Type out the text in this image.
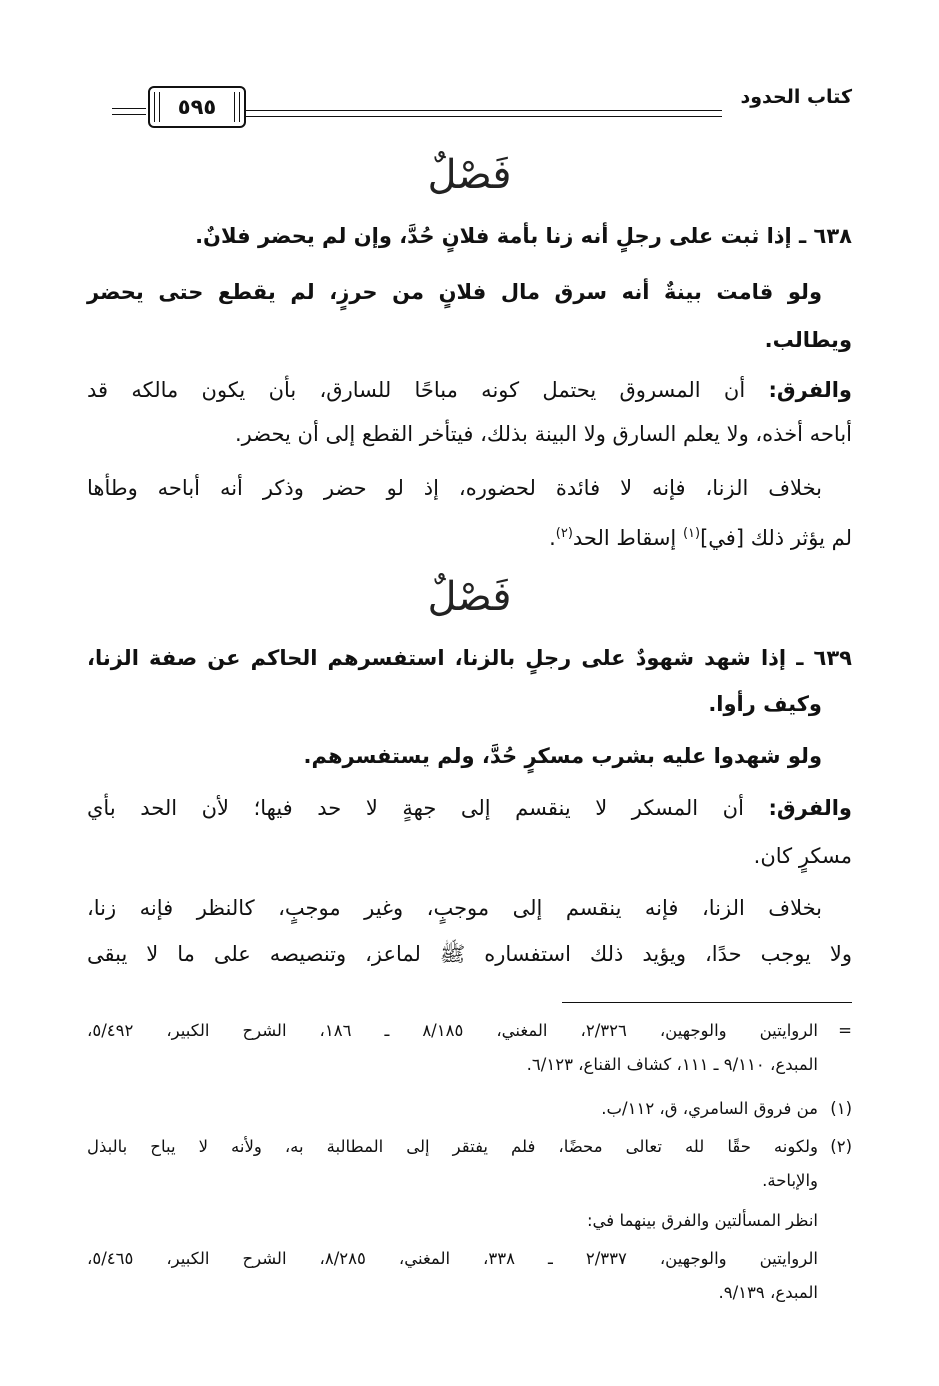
كتاب الحدود
٥٩٥
فَصْلٌ
٦٣٨ ـ إذا ثبت على رجلٍ أنه زنا بأمة فلانٍ حُدَّ، وإن لم يحضر فلانٌ.
ولو قامت بينةٌ أنه سرق مال فلانٍ من حرزٍ، لم يقطع حتى يحضر
ويطالب.
والفرق: أن المسروق يحتمل كونه مباحًا للسارق، بأن يكون مالكه قد
أباحه أخذه، ولا يعلم السارق ولا البينة بذلك، فيتأخر القطع إلى أن يحضر.
بخلاف الزنا، فإنه لا فائدة لحضوره، إذ لو حضر وذكر أنه أباحه وطأها
لم يؤثر ذلك [في]$^{(١)}$ إسقاط الحد$^{(٢)}$.
فَصْلٌ
٦٣٩ ـ إذا شهد شهودٌ على رجلٍ بالزنا، استفسرهم الحاكم عن صفة الزنا،
وكيف رأوا.
ولو شهدوا عليه بشرب مسكرٍ حُدَّ، ولم يستفسرهم.
والفرق: أن المسكر لا ينقسم إلى جهةٍ لا حد فيها؛ لأن الحد بأي
مسكرٍ كان.
بخلاف الزنا، فإنه ينقسم إلى موجبٍ، وغير موجبٍ، كالنظر فإنه زنا،
ولا يوجب حدًا، ويؤيد ذلك استفساره ﷺ لماعز، وتنصيصه على ما لا يبقى
=الروايتين والوجهين، ٢/٣٢٦، المغني، ٨/١٨٥ ـ ١٨٦، الشرح الكبير، ٥/٤٩٢،
المبدع، ٩/١١٠ ـ ١١١، كشاف القناع، ٦/١٢٣.
(١)من فروق السامري، ق، ١١٢/ب.
(٢)ولكونه حقًا لله تعالى محضًا، فلم يفتقر إلى المطالبة به، ولأنه لا يباح بالبذل
والإباحة.
انظر المسألتين والفرق بينهما في:
الروايتين والوجهين، ٢/٣٣٧ ـ ٣٣٨، المغني، ٨/٢٨٥، الشرح الكبير، ٥/٤٦٥،
المبدع، ٩/١٣٩.
